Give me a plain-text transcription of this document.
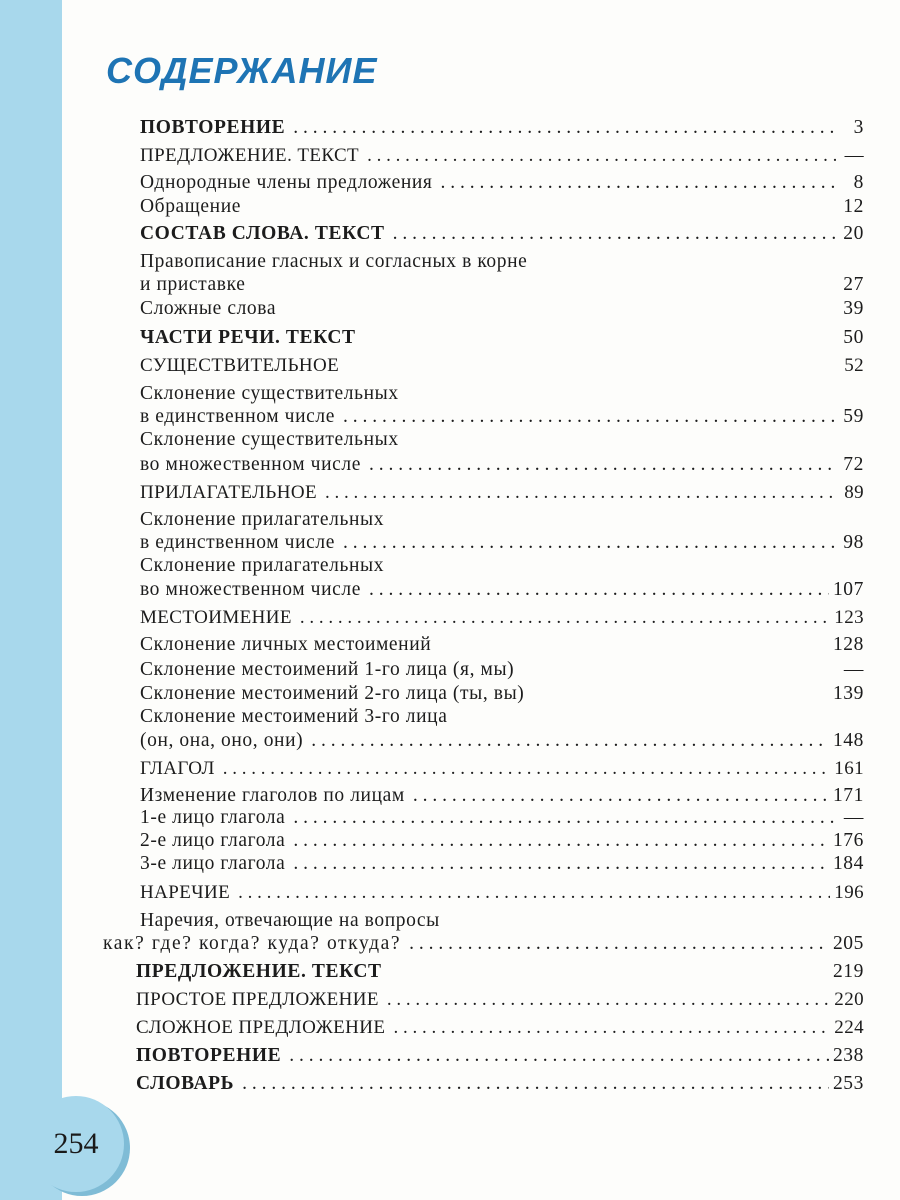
СОДЕРЖАНИЕ
ПОВТОРЕНИЕ . . .	3
ПРЕДЛОЖЕНИЕ. ТЕКСТ . . .	—
Однородные члены предложения . . .	8
Обращение	12
СОСТАВ СЛОВА. ТЕКСТ . . .	20
Правописание гласных и согласных в корне
и приставке	27
Сложные слова	39
ЧАСТИ РЕЧИ. ТЕКСТ	50
СУЩЕСТВИТЕЛЬНОЕ	52
Склонение существительных
в единственном числе . . .	59
Склонение существительных
во множественном числе . . .	72
ПРИЛАГАТЕЛЬНОЕ . . .	89
Склонение прилагательных
в единственном числе . . .	98
Склонение прилагательных
во множественном числе . . .	107
МЕСТОИМЕНИЕ . . .	123
Склонение личных местоимений	128
Склонение местоимений 1-го лица (я, мы)	—
Склонение местоимений 2-го лица (ты, вы)	139
Склонение местоимений 3-го лица
(он, она, оно, они) . . .	148
ГЛАГОЛ . . .	161
Изменение глаголов по лицам . . .	171
1-е лицо глагола . . .	—
2-е лицо глагола . . .	176
3-е лицо глагола . . .	184
НАРЕЧИЕ . . .	196
Наречия, отвечающие на вопросы
как? где? когда? куда? откуда? . . .	205
ПРЕДЛОЖЕНИЕ. ТЕКСТ	219
ПРОСТОЕ ПРЕДЛОЖЕНИЕ . . .	220
СЛОЖНОЕ ПРЕДЛОЖЕНИЕ . . .	224
ПОВТОРЕНИЕ . . .	238
СЛОВАРЬ . . .	253
254
